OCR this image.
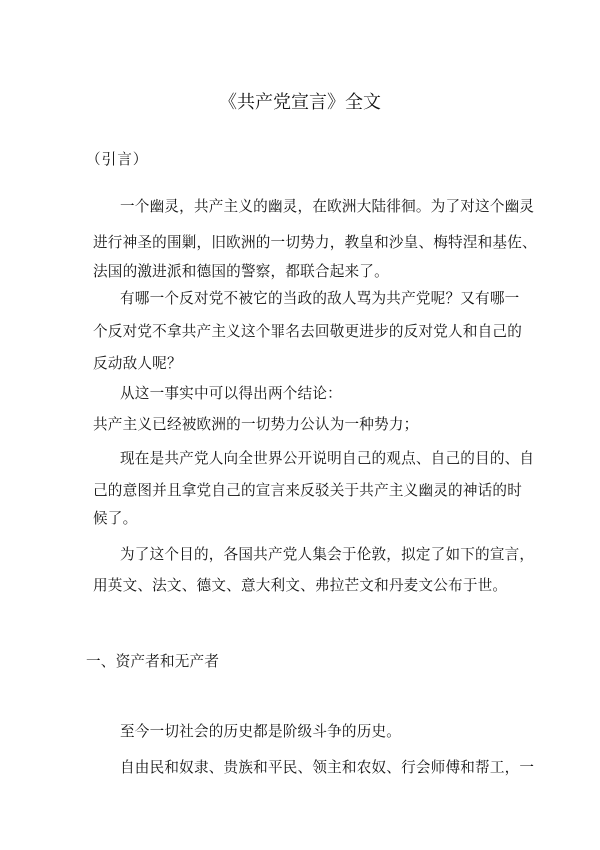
《共产党宣言》全文
（引言）
一个幽灵，共产主义的幽灵，在欧洲大陆徘徊。为了对这个幽灵
进行神圣的围剿，旧欧洲的一切势力，教皇和沙皇、梅特涅和基佐、
法国的激进派和德国的警察，都联合起来了。
有哪一个反对党不被它的当政的敌人骂为共产党呢？又有哪一
个反对党不拿共产主义这个罪名去回敬更进步的反对党人和自己的
反动敌人呢？
从这一事实中可以得出两个结论：
共产主义已经被欧洲的一切势力公认为一种势力；
现在是共产党人向全世界公开说明自己的观点、自己的目的、自
己的意图并且拿党自己的宣言来反驳关于共产主义幽灵的神话的时
候了。
为了这个目的，各国共产党人集会于伦敦，拟定了如下的宣言，
用英文、法文、德文、意大利文、弗拉芒文和丹麦文公布于世。
一、资产者和无产者
至今一切社会的历史都是阶级斗争的历史。
自由民和奴隶、贵族和平民、领主和农奴、行会师傅和帮工，一
